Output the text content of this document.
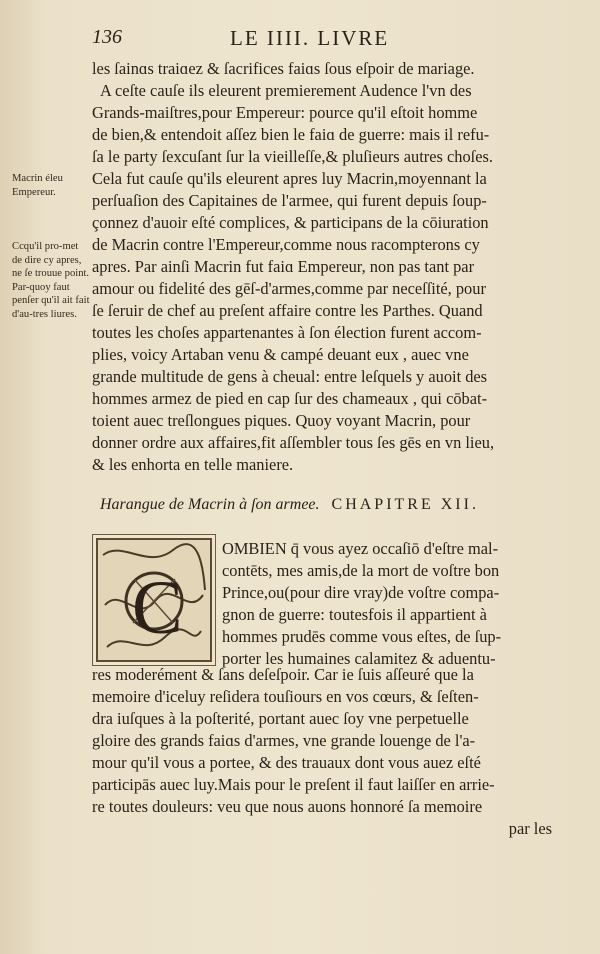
136	LE IIII. LIVRE
les ſainɑs traiɑez & ſacrifices faiɑs ſous eſpoir de mariage.
A ceſte cauſe ils eleurent premierement Audence l'vn des
Grands-maiſtres,pour Empereur: pource qu'il eſtoit homme
de bien,& entendoit aſſez bien le faiɑ de guerre: mais il refu-
ſa le party ſexcuſant ſur la vieilleſſe,& pluſieurs autres choſes.
Cela fut cauſe qu'ils eleurent apres luy Macrin,moyennant la
perſuaſion des Capitaines de l'armee, qui furent depuis ſoup-
çonnez d'auoir eſté complices, & participans de la cōiuration
de Macrin contre l'Empereur,comme nous racompterons cy
apres. Par ainſi Macrin fut faiɑ Empereur, non pas tant par
amour ou fidelité des gēſ-d'armes,comme par neceſſité, pour
ſe ſeruir de chef au preſent affaire contre les Parthes. Quand
toutes les choſes appartenantes à ſon élection furent accom-
plies, voicy Artaban venu & campé deuant eux , auec vne
grande multitude de gens à cheual: entre leſquels y auoit des
hommes armez de pied en cap ſur des chameaux , qui cōbat-
toient auec treſlongues piques. Quoy voyant Macrin, pour
donner ordre aux affaires,fit aſſembler tous ſes gēs en vn lieu,
& les enhorta en telle maniere.
Macrin éleu Empereur.
Ccqu'il pro-met de dire cy apres, ne ſe trouue point. Par-quoy faut penſer qu'il ait fait d'au-tres liures.
Harangue de Macrin à ſon armee. CHAPITRE XII.
C
OMBIEN q̄ vous ayez occaſiō d'eſtre mal-
contēts, mes amis,de la mort de voſtre bon
Prince,ou(pour dire vray)de voſtre compa-
gnon de guerre: toutesfois il appartient à
hommes prudēs comme vous eſtes, de ſup-
porter les humaines calamitez & aduentu-
res moderément & ſans deſeſpoir. Car ie ſuis aſſeuré que la
memoire d'iceluy reſidera touſiours en vos cœurs, & ſeſten-
dra iuſques à la poſterité, portant auec ſoy vne perpetuelle
gloire des grands faiɑs d'armes, vne grande louenge de l'a-
mour qu'il vous a portee, & des trauaux dont vous auez eſté
participās auec luy.Mais pour le preſent il faut laiſſer en arrie-
re toutes douleurs: veu que nous auons honnoré ſa memoire
par les
